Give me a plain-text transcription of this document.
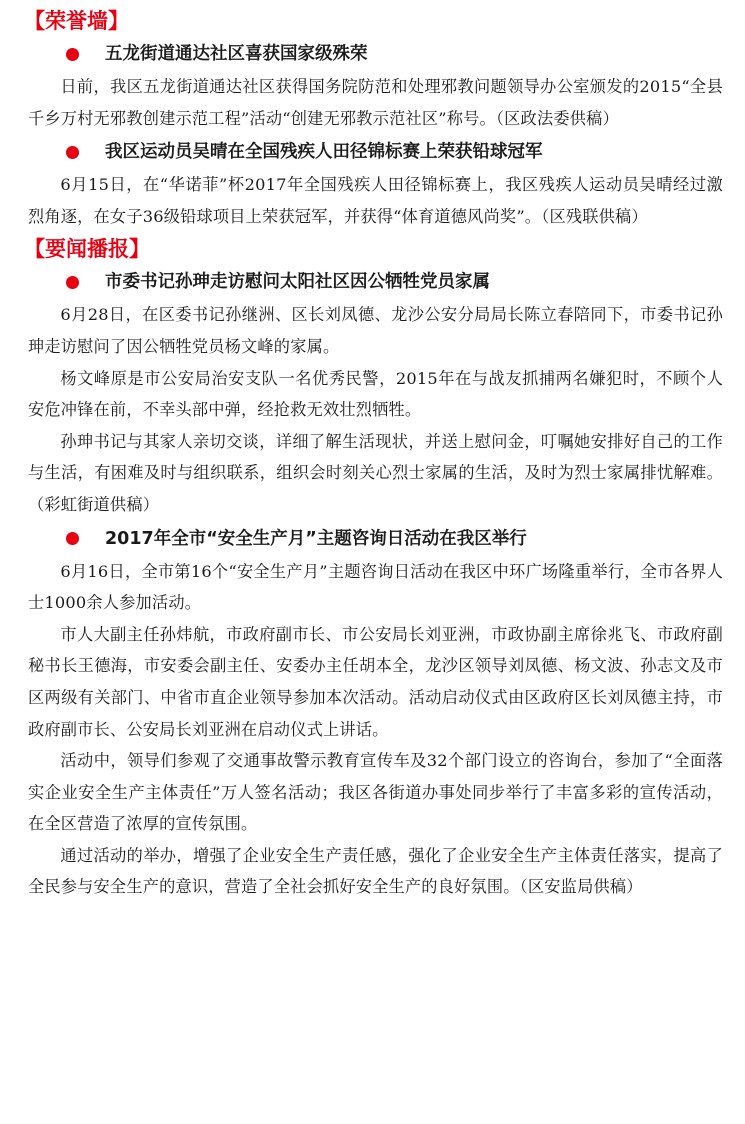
【荣誉墙】
五龙街道通达社区喜获国家级殊荣

日前，我区五龙街道通达社区获得国务院防范和处理邪教问题领导办公室颁发的2015“全县千乡万村无邪教创建示范工程”活动“创建无邪教示范社区”称号。（区政法委供稿）

我区运动员吴晴在全国残疾人田径锦标赛上荣获铅球冠军

6月15日，在“华诺菲”杯2017年全国残疾人田径锦标赛上，我区残疾人运动员吴晴经过激烈角逐，在女子36级铅球项目上荣获冠军，并获得“体育道德风尚奖”。（区残联供稿）

【要闻播报】
市委书记孙珅走访慰问太阳社区因公牺牲党员家属

6月28日，在区委书记孙继洲、区长刘凤德、龙沙公安分局局长陈立春陪同下，市委书记孙珅走访慰问了因公牺牲党员杨文峰的家属。

杨文峰原是市公安局治安支队一名优秀民警，2015年在与战友抓捕两名嫌犯时，不顾个人安危冲锋在前，不幸头部中弹，经抢救无效壮烈牺牲。

孙珅书记与其家人亲切交谈，详细了解生活现状，并送上慰问金，叮嘱她安排好自己的工作与生活，有困难及时与组织联系，组织会时刻关心烈士家属的生活，及时为烈士家属排忧解难。（彩虹街道供稿）

2017年全市“安全生产月”主题咨询日活动在我区举行

6月16日，全市第16个“安全生产月”主题咨询日活动在我区中环广场隆重举行，全市各界人士1000余人参加活动。

市人大副主任孙炜航，市政府副市长、市公安局长刘亚洲，市政协副主席徐兆飞、市政府副秘书长王德海，市安委会副主任、安委办主任胡本全，龙沙区领导刘凤德、杨文波、孙志文及市区两级有关部门、中省市直企业领导参加本次活动。活动启动仪式由区政府区长刘凤德主持，市政府副市长、公安局长刘亚洲在启动仪式上讲话。

活动中，领导们参观了交通事故警示教育宣传车及32个部门设立的咨询台，参加了“全面落实企业安全生产主体责任”万人签名活动；我区各街道办事处同步举行了丰富多彩的宣传活动，在全区营造了浓厚的宣传氛围。

通过活动的举办，增强了企业安全生产责任感，强化了企业安全生产主体责任落实，提高了全民参与安全生产的意识，营造了全社会抓好安全生产的良好氛围。（区安监局供稿）
